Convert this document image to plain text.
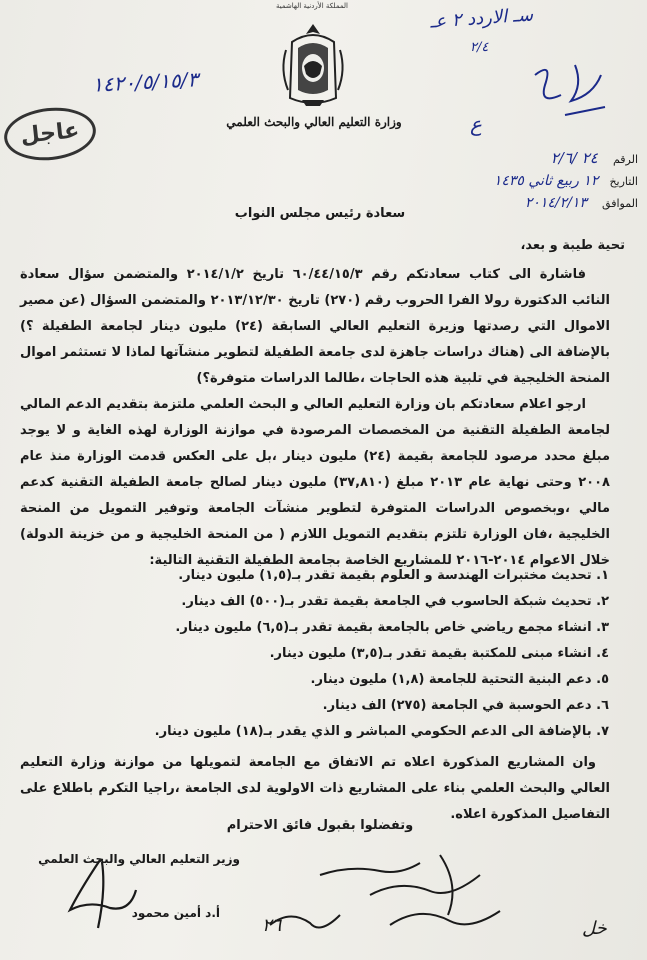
المملكة الأردنية الهاشمية
وزارة التعليم العالي والبحث العلمي
عاجل
١٤٢٠/٥/١٥/٣
سـ الاردد ٢ عـ
٢/٤
ع
الرقم ٢٤ /٢/٦
التاريخ ١٢ ربيع ثاني ١٤٣٥
الموافق ٢٠١٤/٢/١٣
سعادة رئيس مجلس النواب
تحية طيبة و بعد،
فاشارة الى كتاب سعادتكم رقم ٦٠/٤٤/١٥/٣ تاريخ ٢٠١٤/١/٢ والمتضمن سؤال سعادة النائب الدكتورة رولا الفرا الحروب رقم (٢٧٠) تاريخ ٢٠١٣/١٢/٣٠ والمتضمن السؤال (عن مصير الاموال التي رصدتها وزيرة التعليم العالي السابقة (٢٤) مليون دينار لجامعة الطفيلة ؟) بالإضافة الى (هناك دراسات جاهزة لدى جامعة الطفيلة لتطوير منشآتها لماذا لا تستثمر اموال المنحة الخليجية في تلبية هذه الحاجات ،طالما الدراسات متوفرة؟)
ارجو اعلام سعادتكم بان وزارة التعليم العالي و البحث العلمي ملتزمة بتقديم الدعم المالي لجامعة الطفيلة التقنية من المخصصات المرصودة في موازنة الوزارة لهذه الغاية و لا يوجد مبلغ محدد مرصود للجامعة بقيمة (٢٤) مليون دينار ،بل على العكس قدمت الوزارة منذ عام ٢٠٠٨ وحتى نهاية عام ٢٠١٣ مبلغ (٣٧,٨١٠) مليون دينار لصالح جامعة الطفيلة التقنية كدعم مالي ،وبخصوص الدراسات المتوفرة لتطوير منشآت الجامعة وتوفير التمويل من المنحة الخليجية ،فان الوزارة تلتزم بتقديم التمويل اللازم ( من المنحة الخليجية و من خزينة الدولة) خلال الاعوام ٢٠١٤-٢٠١٦ للمشاريع الخاصة بجامعة الطفيلة التقنية التالية:
١. تحديث مختبرات الهندسة و العلوم بقيمة تقدر بـ(١,٥) مليون دينار.
٢. تحديث شبكة الحاسوب في الجامعة بقيمة تقدر بـ(٥٠٠) الف دينار.
٣. انشاء مجمع رياضي خاص بالجامعة بقيمة تقدر بـ(٦,٥) مليون دينار.
٤. انشاء مبنى للمكتبة بقيمة تقدر بـ(٣,٥) مليون دينار.
٥. دعم البنية التحتية للجامعة (١,٨) مليون دينار.
٦. دعم الحوسبة في الجامعة (٢٧٥) الف دينار.
٧. بالإضافة الى الدعم الحكومي المباشر و الذي يقدر بـ(١٨) مليون دينار.
وان المشاريع المذكورة اعلاه تم الاتفاق مع الجامعة لتمويلها من موازنة وزارة التعليم العالي والبحث العلمي بناء على المشاريع ذات الاولوية لدى الجامعة ،راجيا التكرم باطلاع على التفاصيل المذكورة اعلاه.
وتفضلوا بقبول فائق الاحترام
وزير التعليم العالي والبحث العلمي
أ.د أمين محمود
٢٦	خل
